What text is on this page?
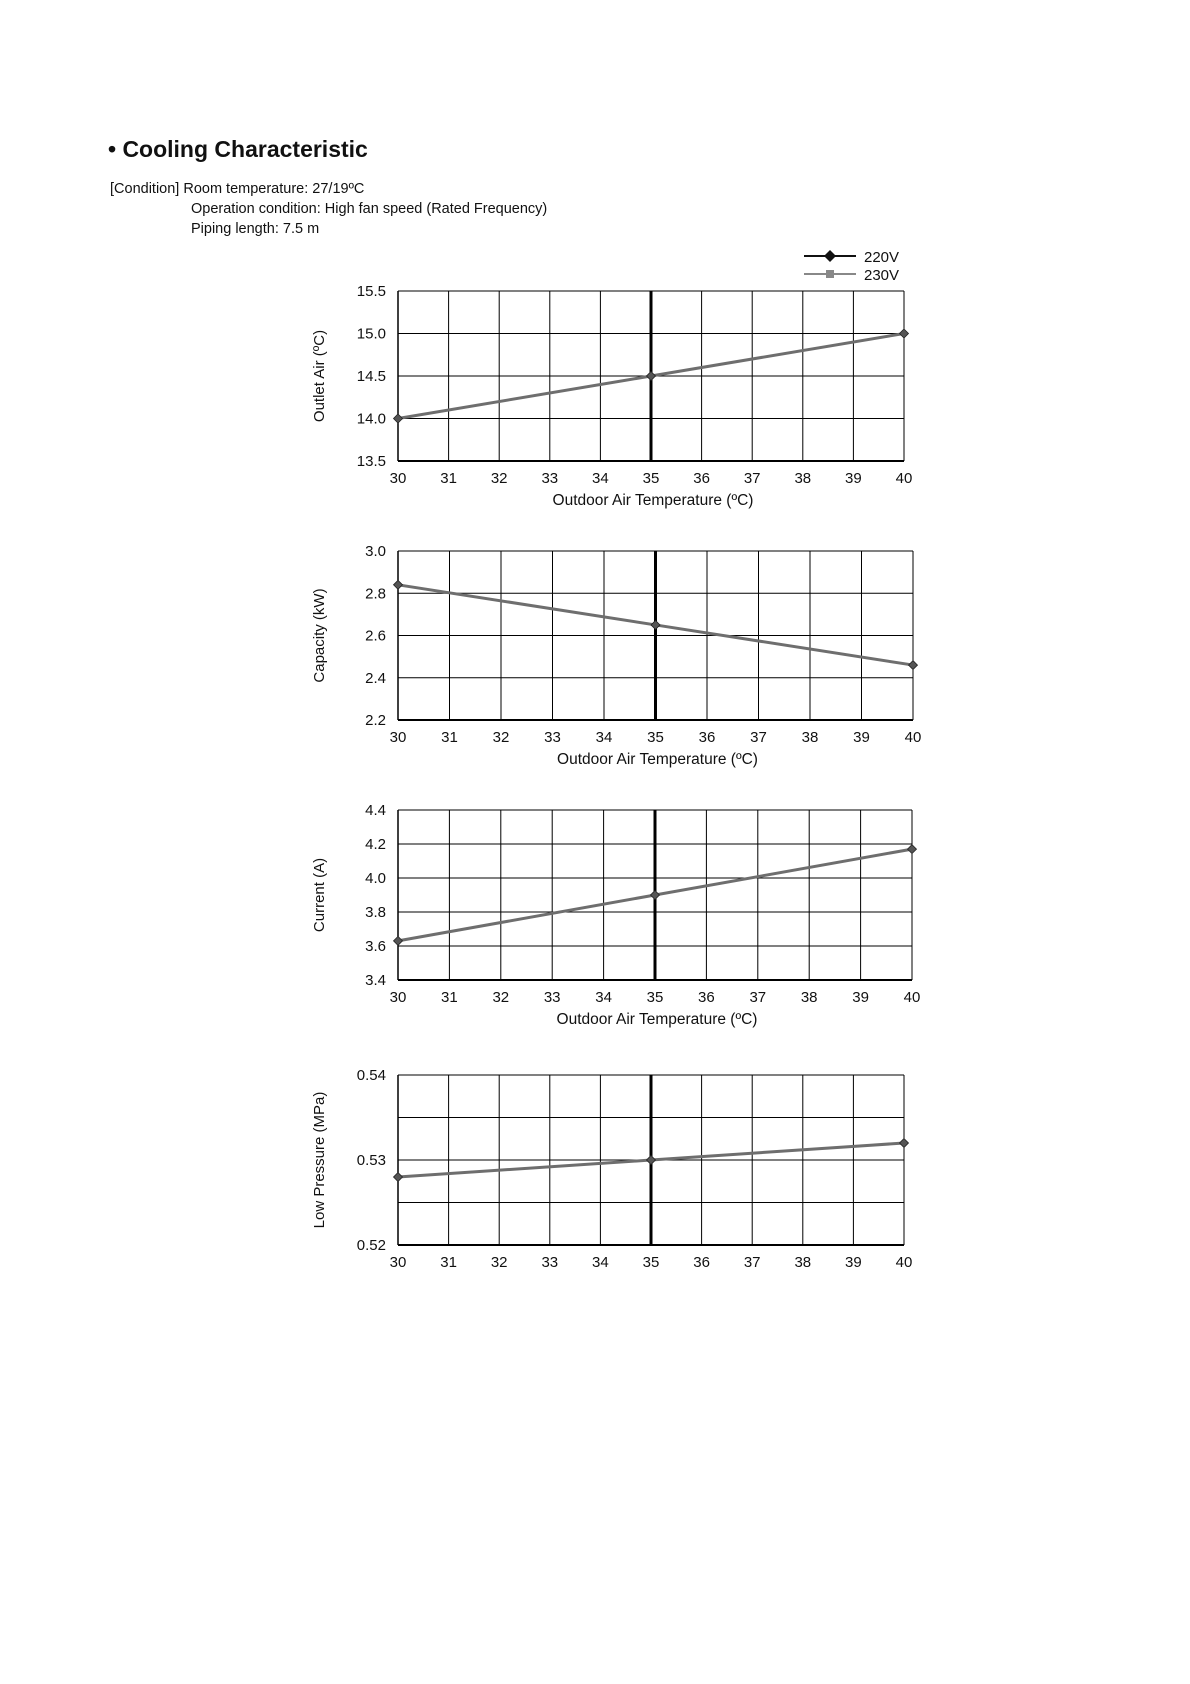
• Cooling Characteristic
[Condition] Room temperature: 27/19ºC
Operation condition: High fan speed (Rated Frequency)
Piping length: 7.5 m
220V
230V
30 31 32 33 34 35 36 37 38 39 40
13.5
14.0
14.5
15.0
15.5
Outdoor Air Temperature (ºC)
Outlet Air (ºC)
30 31 32 33 34 35 36 37 38 39 40
2.2
2.4
2.6
2.8
3.0
Outdoor Air Temperature (ºC)
Capacity (kW)
30 31 32 33 34 35 36 37 38 39 40
3.4
3.6
3.8
4.0
4.2
4.4
Outdoor Air Temperature (ºC)
Current (A)
30 31 32 33 34 35 36 37 38 39 40
0.52
0.53
0.54
Low Pressure (MPa)
